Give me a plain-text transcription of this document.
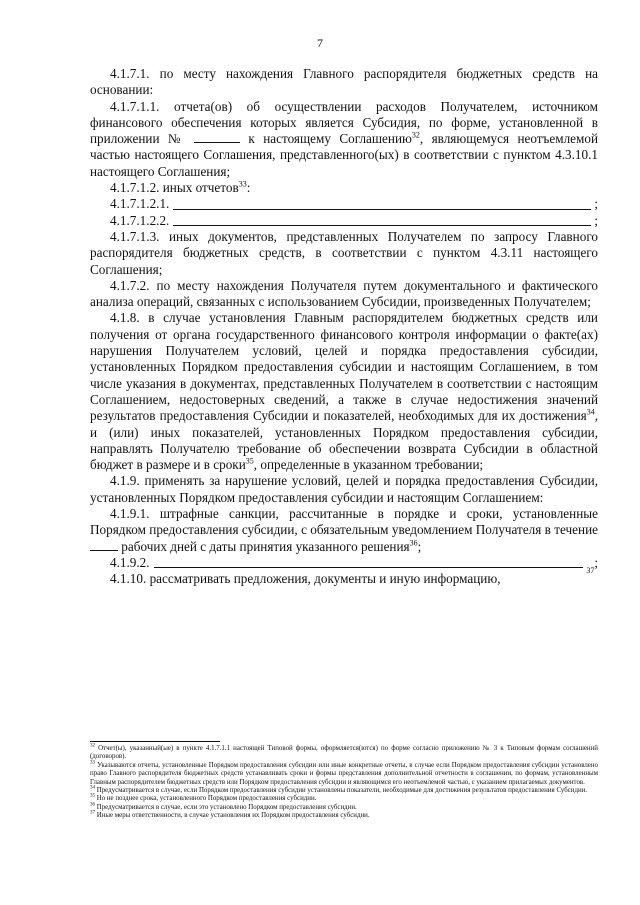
7

4.1.7.1. по месту нахождения Главного распорядителя бюджетных средств на основании:

4.1.7.1.1. отчета(ов) об осуществлении расходов Получателем, источником финансового обеспечения которых является Субсидия, по форме, установленной в приложении №	к настоящему Соглашению$^{32}$, являющемуся неотъемлемой частью настоящего Соглашения, представленного(ых) в соответствии с пунктом 4.3.10.1 настоящего Соглашения;

4.1.7.1.2. иных отчетов$^{33}$:

4.1.7.1.2.1.	;
4.1.7.1.2.2.	;

4.1.7.1.3. иных документов, представленных Получателем по запросу Главного распорядителя бюджетных средств, в соответствии с пунктом 4.3.11 настоящего Соглашения;

4.1.7.2. по месту нахождения Получателя путем документального и фактического анализа операций, связанных с использованием Субсидии, произведенных Получателем;

4.1.8. в случае установления Главным распорядителем бюджетных средств или получения от органа государственного финансового контроля информации о факте(ах) нарушения Получателем условий, целей и порядка предоставления субсидии, установленных Порядком предоставления субсидии и настоящим Соглашением, в том числе указания в документах, представленных Получателем в соответствии с настоящим Соглашением, недостоверных сведений, а также в случае недостижения значений результатов предоставления Субсидии и показателей, необходимых для их достижения$^{34}$, и (или) иных показателей, установленных Порядком предоставления субсидии, направлять Получателю требование об обеспечении возврата Субсидии в областной бюджет в размере и в сроки$^{35}$, определенные в указанном требовании;

4.1.9. применять за нарушение условий, целей и порядка предоставления Субсидии, установленных Порядком предоставления субсидии и настоящим Соглашением:

4.1.9.1. штрафные санкции, рассчитанные в порядке и сроки, установленные Порядком предоставления субсидии, с обязательным уведомлением Получателя в течение  рабочих дней с даты принятия указанного решения$^{36}$;

4.1.9.2.
37
;

4.1.10. рассматривать предложения, документы и иную информацию,

$^{32}$ Отчет(ы), указанный(ые) в пункте 4.1.7.1.1 настоящей Типовой формы, оформляется(ются) по форме согласно приложению № 3 к Типовым формам соглашений (договоров).

$^{33}$ Указываются отчеты, установленные Порядком предоставления субсидии или иные конкретные отчеты, в случае если Порядком предоставления субсидии установлено право Главного распорядителя бюджетных средств устанавливать сроки и формы представления дополнительной отчетности в соглашении, по формам, установленным Главным распорядителем бюджетных средств или Порядком предоставления субсидии и являющимся его неотъемлемой частью, с указанием прилагаемых документов.

$^{34}$ Предусматривается в случае, если Порядком предоставления субсидии установлены показатели, необходимые для достижения результатов предоставления Субсидии.

$^{35}$ Но не позднее срока, установленного Порядком предоставления субсидии.

$^{36}$ Предусматривается в случае, если это установлено Порядком предоставления субсидии.

$^{37}$ Иные меры ответственности, в случае установления их Порядком предоставления субсидии.
